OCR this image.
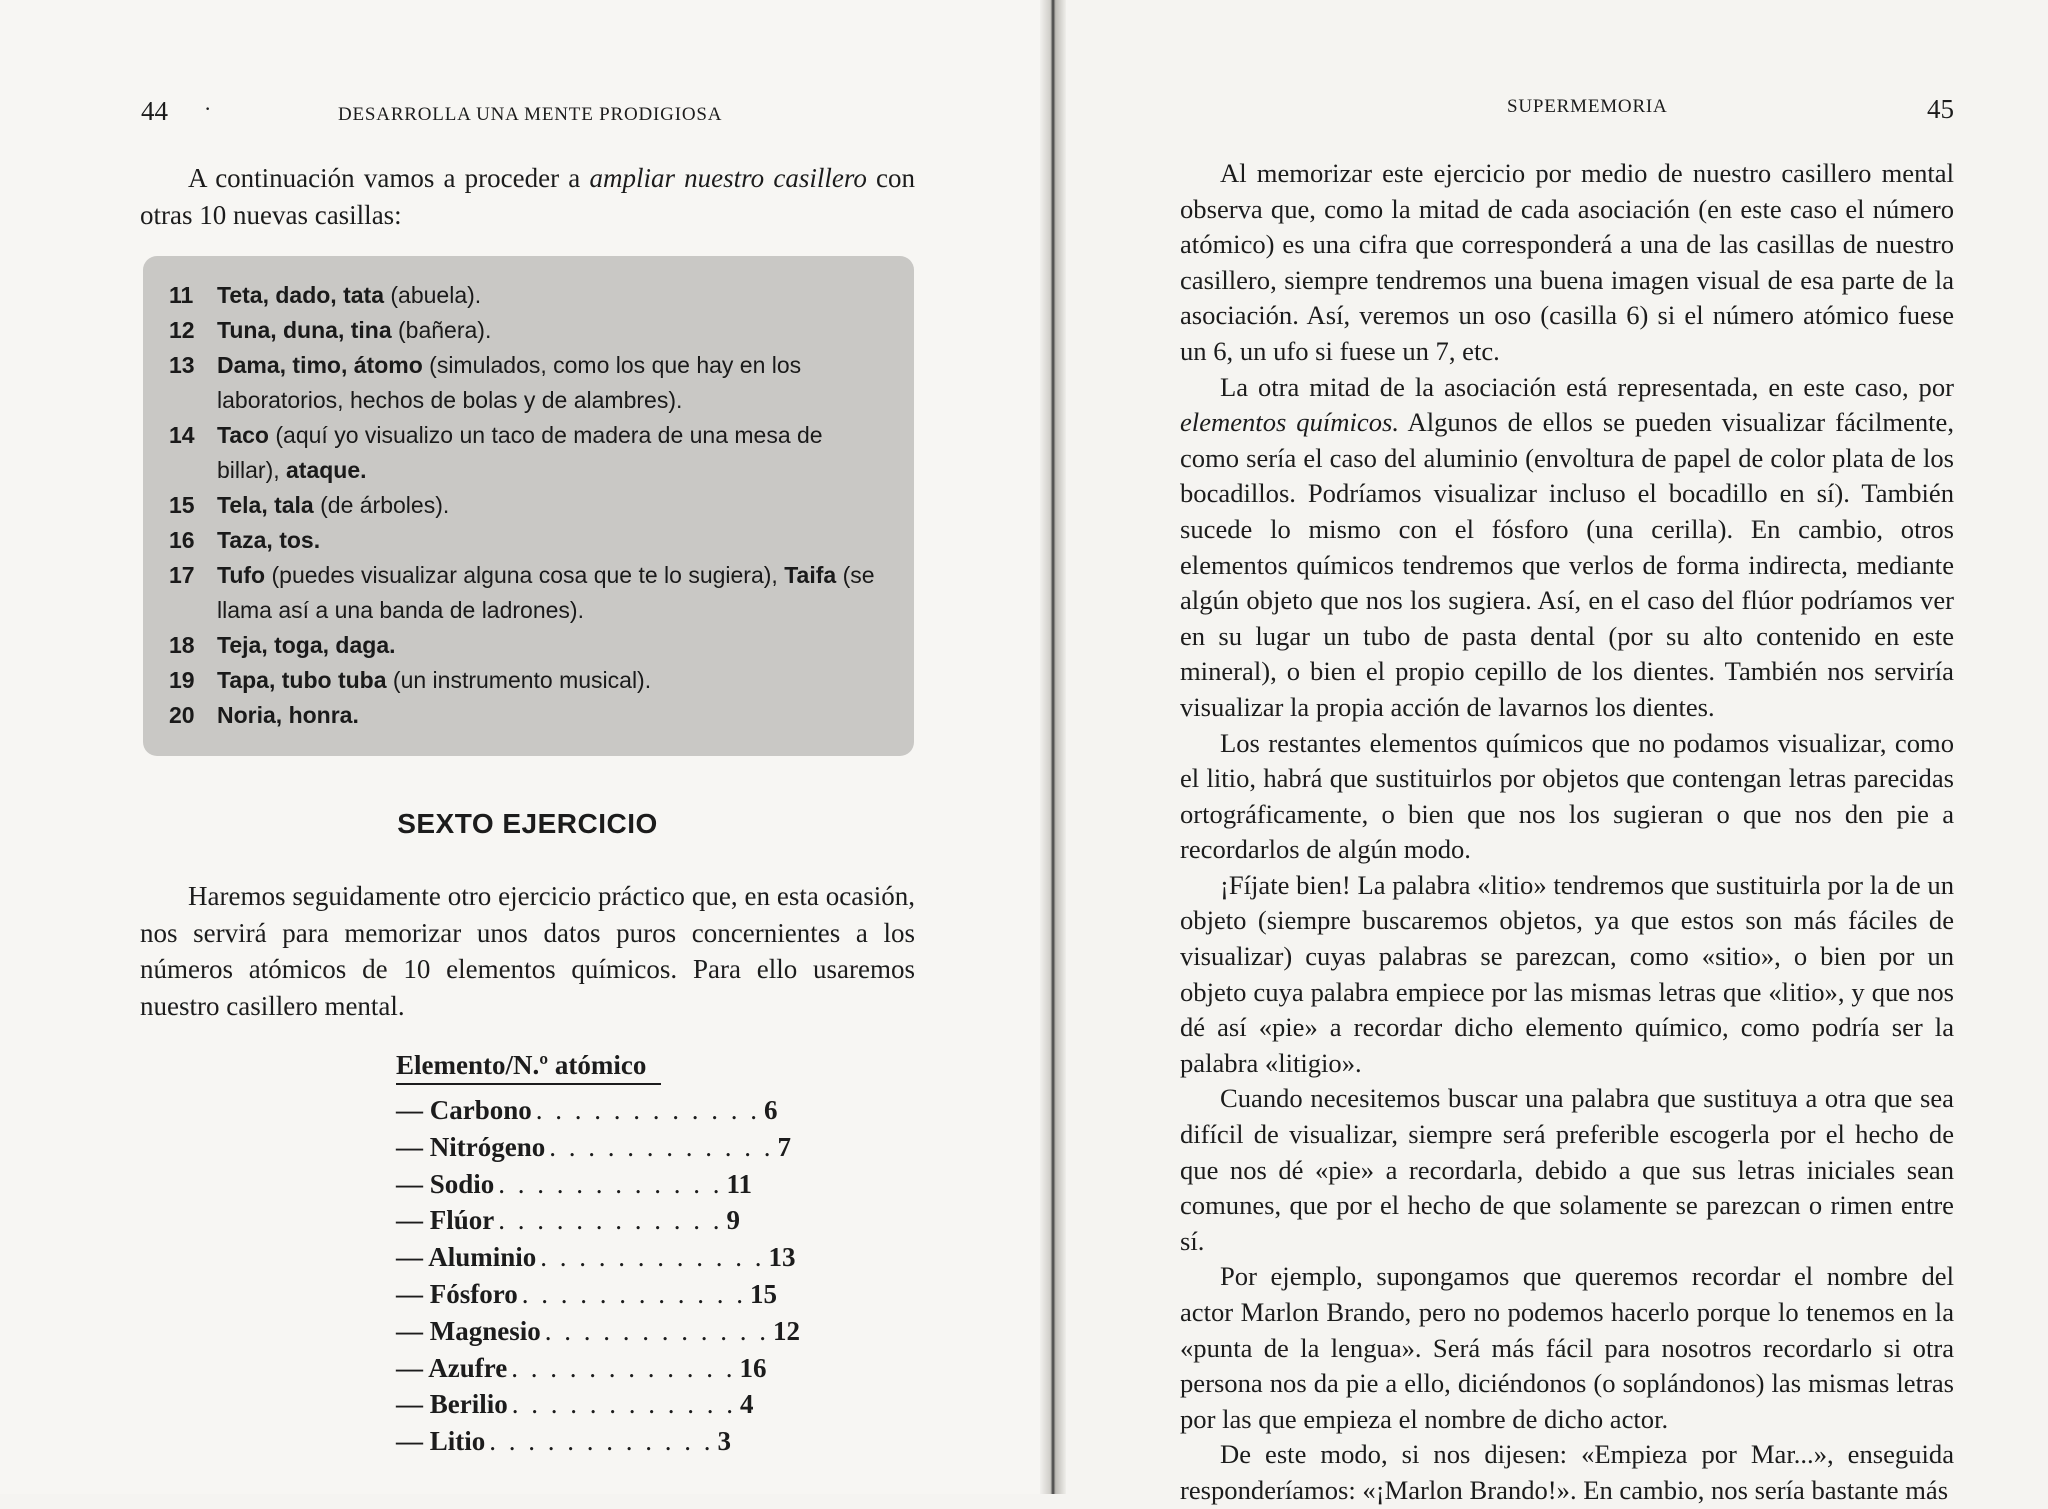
44 ·	DESARROLLA UNA MENTE PRODIGIOSA
A continuación vamos a proceder a ampliar nuestro casillero con otras 10 nuevas casillas:
11	Teta, dado, tata (abuela).
12 Tuna, duna, tina (bañera).
13 Dama, timo, átomo (simulados, como los que hay en los laboratorios, hechos de bolas y de alambres).
14 Taco (aquí yo visualizo un taco de madera de una mesa de billar), ataque.
15 Tela, tala (de árboles).
16 Taza, tos.
17 Tufo (puedes visualizar alguna cosa que te lo sugiera), Taifa (se llama así a una banda de ladrones).
18 Teja, toga, daga.
19 Tapa, tubo tuba (un instrumento musical).
20 Noria, honra.
SEXTO EJERCICIO
Haremos seguidamente otro ejercicio práctico que, en esta ocasión, nos servirá para memorizar unos datos puros concernientes a los números atómicos de 10 elementos químicos. Para ello usaremos nuestro casillero mental.
Elemento/N.º atómico
— Carbono . . . . . . . . . . . . 6
— Nitrógeno . . . . . . . . . . . . 7
— Sodio . . . . . . . . . . . . 11
— Flúor . . . . . . . . . . . . 9
— Aluminio . . . . . . . . . . . . 13
— Fósforo . . . . . . . . . . . . 15
— Magnesio . . . . . . . . . . . . 12
— Azufre . . . . . . . . . . . . 16
— Berilio . . . . . . . . . . . . 4
— Litio . . . . . . . . . . . . 3
SUPERMEMORIA	45

Al memorizar este ejercicio por medio de nuestro casillero mental observa que, como la mitad de cada asociación (en este caso el número atómico) es una cifra que corresponderá a una de las casillas de nuestro casillero, siempre tendremos una buena imagen visual de esa parte de la asociación. Así, veremos un oso (casilla 6) si el número atómico fuese un 6, un ufo si fuese un 7, etc.

La otra mitad de la asociación está representada, en este caso, por elementos químicos. Algunos de ellos se pueden visualizar fácilmente, como sería el caso del aluminio (envoltura de papel de color plata de los bocadillos. Podríamos visualizar incluso el bocadillo en sí). También sucede lo mismo con el fósforo (una cerilla). En cambio, otros elementos químicos tendremos que verlos de forma indirecta, mediante algún objeto que nos los sugiera. Así, en el caso del flúor podríamos ver en su lugar un tubo de pasta dental (por su alto contenido en este mineral), o bien el propio cepillo de los dientes. También nos serviría visualizar la propia acción de lavarnos los dientes.

Los restantes elementos químicos que no podamos visualizar, como el litio, habrá que sustituirlos por objetos que contengan letras parecidas ortográficamente, o bien que nos los sugieran o que nos den pie a recordarlos de algún modo.

¡Fíjate bien! La palabra «litio» tendremos que sustituirla por la de un objeto (siempre buscaremos objetos, ya que estos son más fáciles de visualizar) cuyas palabras se parezcan, como «sitio», o bien por un objeto cuya palabra empiece por las mismas letras que «litio», y que nos dé así «pie» a recordar dicho elemento químico, como podría ser la palabra «litigio».

Cuando necesitemos buscar una palabra que sustituya a otra que sea difícil de visualizar, siempre será preferible escogerla por el hecho de que nos dé «pie» a recordarla, debido a que sus letras iniciales sean comunes, que por el hecho de que solamente se parezcan o rimen entre sí.

Por ejemplo, supongamos que queremos recordar el nombre del actor Marlon Brando, pero no podemos hacerlo porque lo tenemos en la «punta de la lengua». Será más fácil para nosotros recordarlo si otra persona nos da pie a ello, diciéndonos (o soplándonos) las mismas letras por las que empieza el nombre de dicho actor.

De este modo, si nos dijesen: «Empieza por Mar...», enseguida responderíamos: «¡Marlon Brando!». En cambio, nos sería bastante más
